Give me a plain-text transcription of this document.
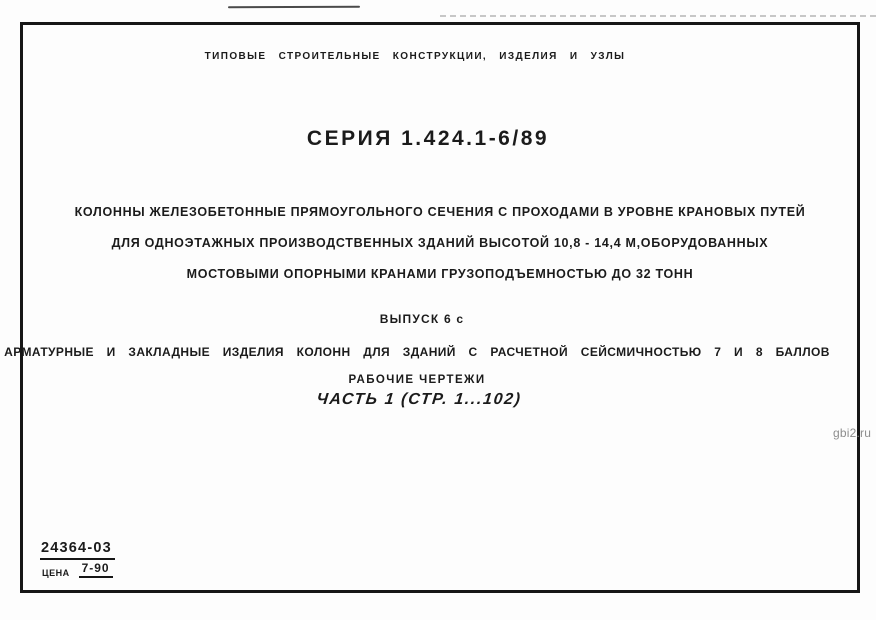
ТИПОВЫЕ СТРОИТЕЛЬНЫЕ КОНСТРУКЦИИ, ИЗДЕЛИЯ И УЗЛЫ
СЕРИЯ 1.424.1-6/89
КОЛОННЫ ЖЕЛЕЗОБЕТОННЫЕ ПРЯМОУГОЛЬНОГО СЕЧЕНИЯ С ПРОХОДАМИ В УРОВНЕ КРАНОВЫХ ПУТЕЙ
ДЛЯ ОДНОЭТАЖНЫХ ПРОИЗВОДСТВЕННЫХ ЗДАНИЙ ВЫСОТОЙ 10,8 - 14,4 М,ОБОРУДОВАННЫХ
МОСТОВЫМИ ОПОРНЫМИ КРАНАМИ ГРУЗОПОДЪЕМНОСТЬЮ ДО 32 ТОНН
ВЫПУСК 6 с
АРМАТУРНЫЕ И ЗАКЛАДНЫЕ ИЗДЕЛИЯ КОЛОНН ДЛЯ ЗДАНИЙ С РАСЧЕТНОЙ СЕЙСМИЧНОСТЬЮ 7 И 8 БАЛЛОВ
РАБОЧИЕ ЧЕРТЕЖИ
ЧАСТЬ 1 (СТР. 1...102)
24364-03
ЦЕНА 7-90
gbi2.ru
